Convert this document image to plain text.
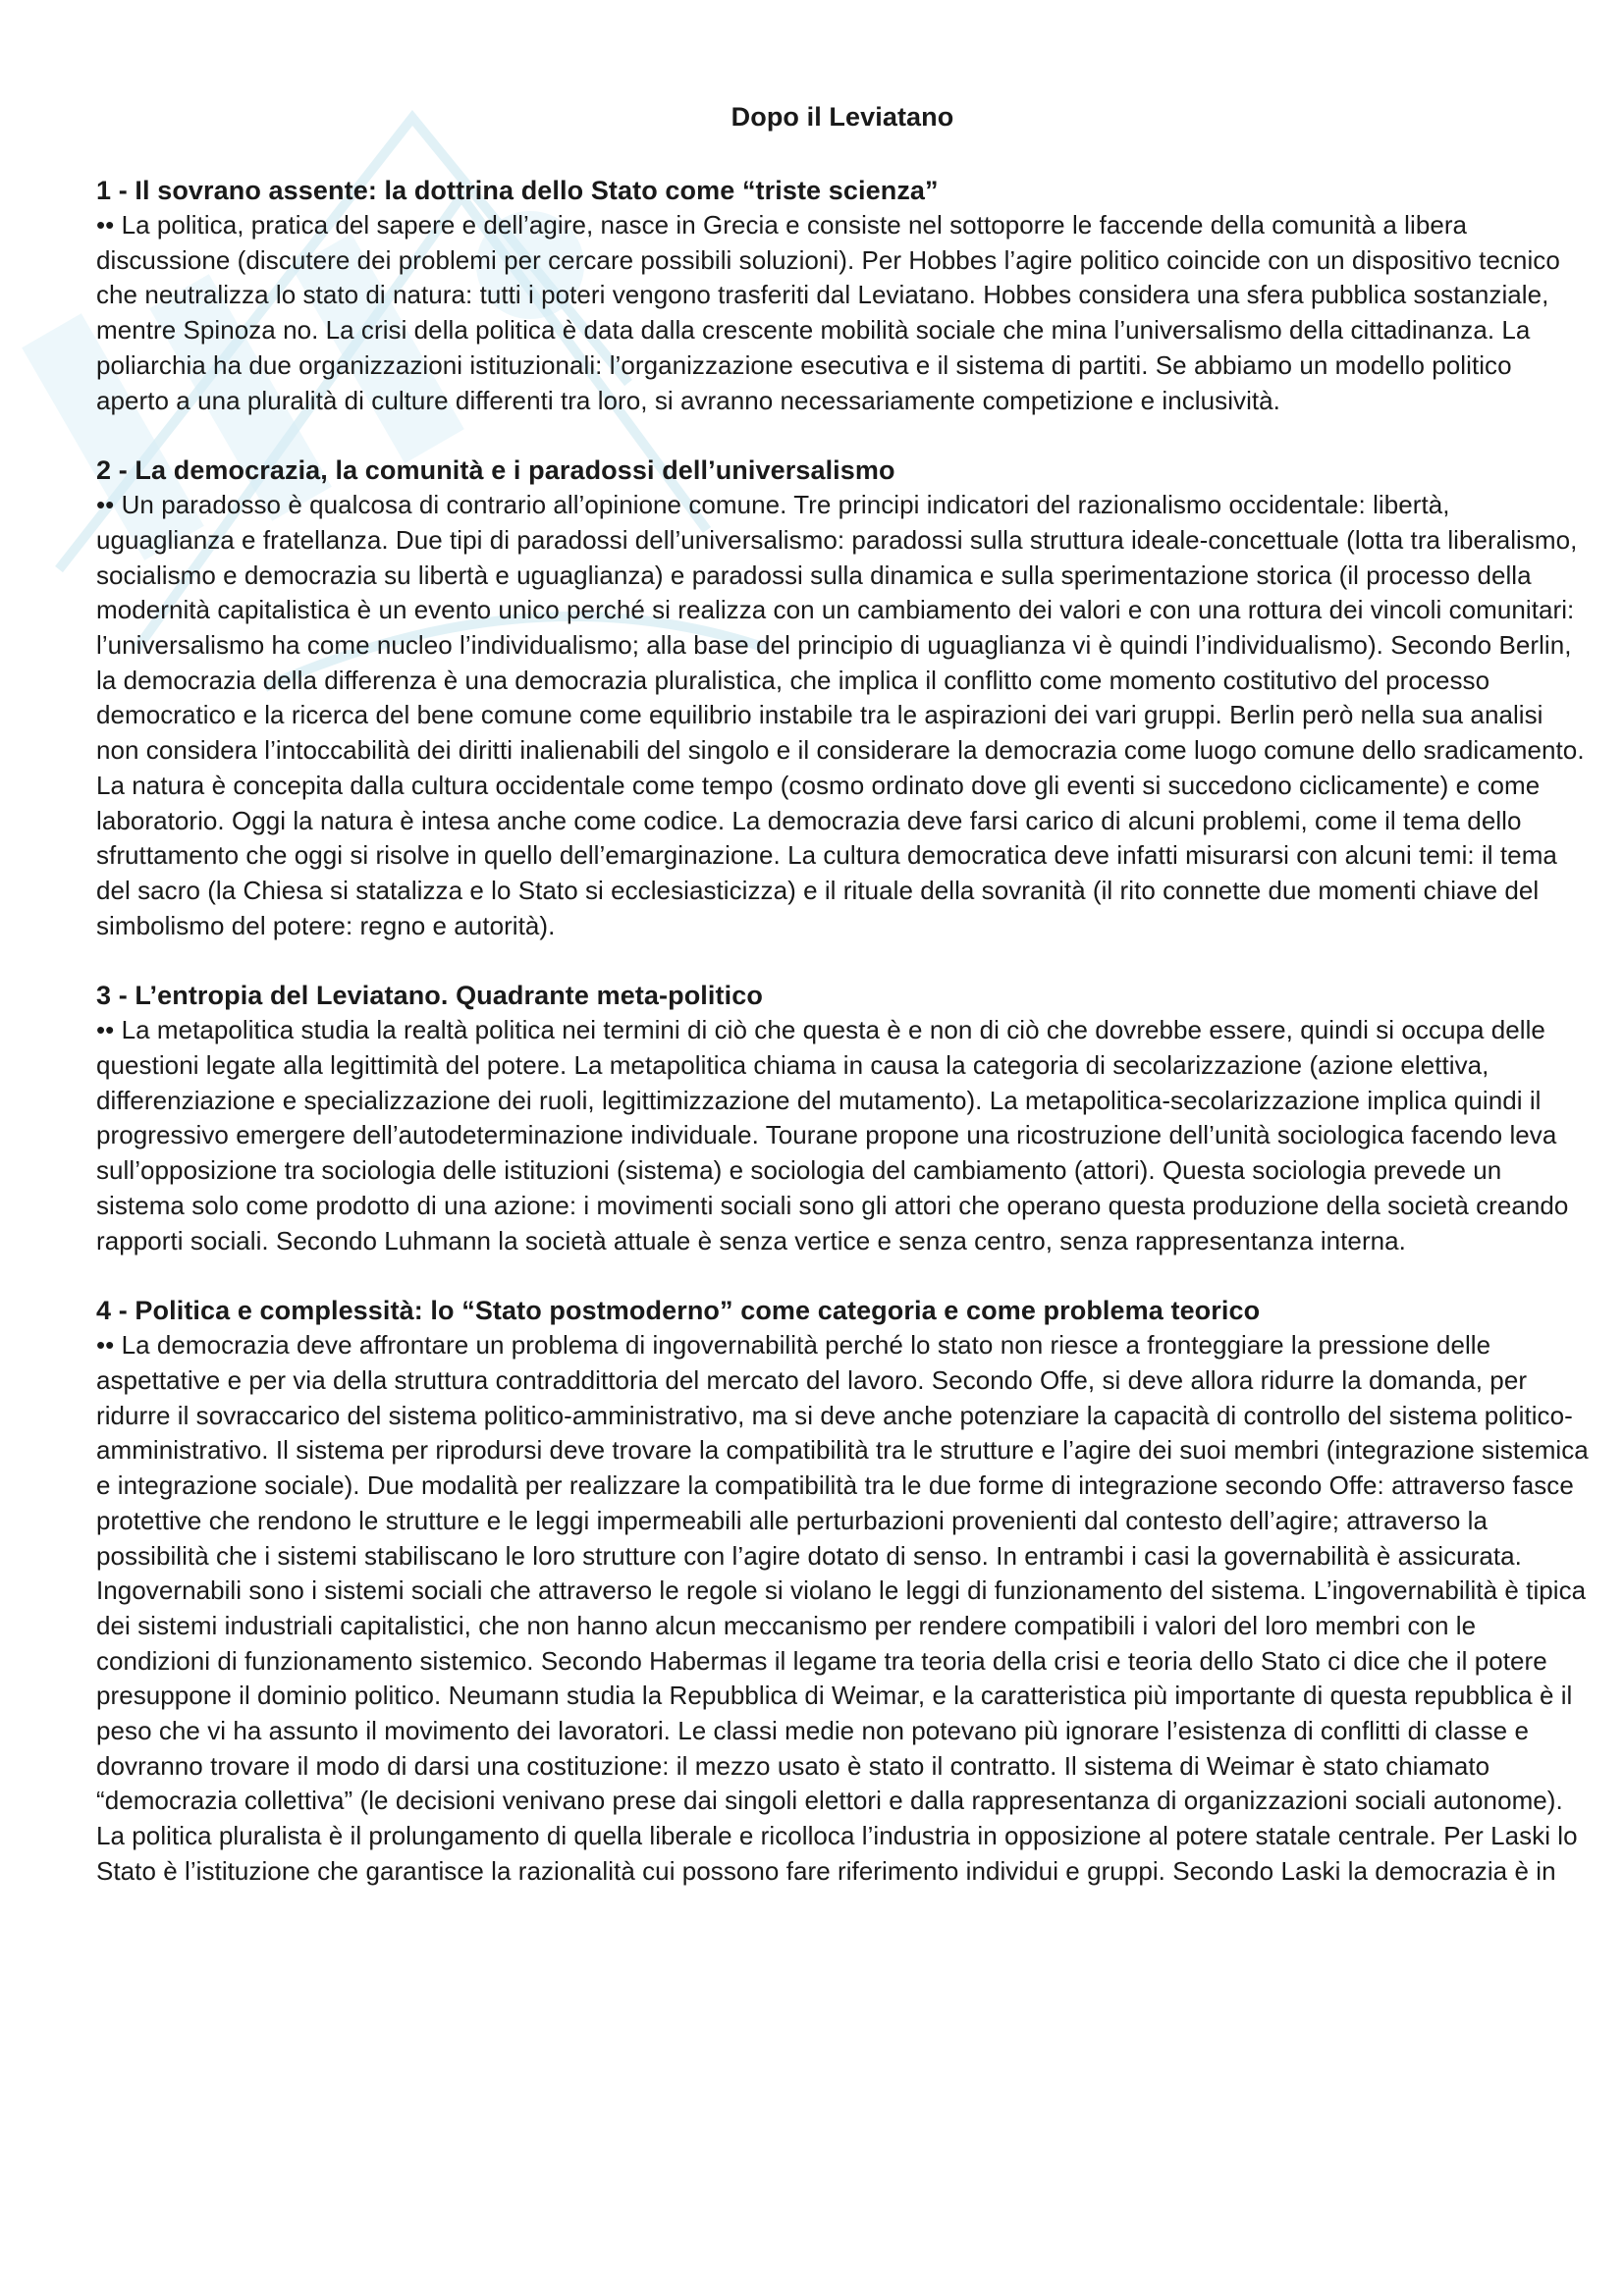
Dopo il Leviatano

1 - Il sovrano assente: la dottrina dello Stato come “triste scienza”

•• La politica, pratica del sapere e dell’agire, nasce in Grecia e consiste nel sottoporre le faccende della comunità a libera discussione (discutere dei problemi per cercare possibili soluzioni). Per Hobbes l’agire politico coincide con un dispositivo tecnico che neutralizza lo stato di natura: tutti i poteri vengono trasferiti dal Leviatano. Hobbes considera una sfera pubblica sostanziale, mentre Spinoza no. La crisi della politica è data dalla crescente mobilità sociale che mina l’universalismo della cittadinanza. La poliarchia ha due organizzazioni istituzionali: l’organizzazione esecutiva e il sistema di partiti. Se abbiamo un modello politico aperto a una pluralità di culture differenti tra loro, si avranno necessariamente competizione e inclusività.

2 - La democrazia, la comunità e i paradossi dell’universalismo

•• Un paradosso è qualcosa di contrario all’opinione comune. Tre principi indicatori del razionalismo occidentale: libertà, uguaglianza e fratellanza. Due tipi di paradossi dell’universalismo: paradossi sulla struttura ideale-concettuale (lotta tra liberalismo, socialismo e democrazia su libertà e uguaglianza) e paradossi sulla dinamica e sulla sperimentazione storica (il processo della modernità capitalistica è un evento unico perché si realizza con un cambiamento dei valori e con una rottura dei vincoli comunitari: l’universalismo ha come nucleo l’individualismo; alla base del principio di uguaglianza vi è quindi l’individualismo). Secondo Berlin, la democrazia della differenza è una democrazia pluralistica, che implica il conflitto come momento costitutivo del processo democratico e la ricerca del bene comune come equilibrio instabile tra le aspirazioni dei vari gruppi. Berlin però nella sua analisi non considera l’intoccabilità dei diritti inalienabili del singolo e il considerare la democrazia come luogo comune dello sradicamento. La natura è concepita dalla cultura occidentale come tempo (cosmo ordinato dove gli eventi si succedono ciclicamente) e come laboratorio. Oggi la natura è intesa anche come codice. La democrazia deve farsi carico di alcuni problemi, come il tema dello sfruttamento che oggi si risolve in quello dell’emarginazione. La cultura democratica deve infatti misurarsi con alcuni temi: il tema del sacro (la Chiesa si statalizza e lo Stato si ecclesiasticizza) e il rituale della sovranità (il rito connette due momenti chiave del simbolismo del potere: regno e autorità).

3 - L’entropia del Leviatano. Quadrante meta-politico

•• La metapolitica studia la realtà politica nei termini di ciò che questa è e non di ciò che dovrebbe essere, quindi si occupa delle questioni legate alla legittimità del potere. La metapolitica chiama in causa la categoria di secolarizzazione (azione elettiva, differenziazione e specializzazione dei ruoli, legittimizzazione del mutamento). La metapolitica-secolarizzazione implica quindi il progressivo emergere dell’autodeterminazione individuale. Tourane propone una ricostruzione dell’unità sociologica facendo leva sull’opposizione tra sociologia delle istituzioni (sistema) e sociologia del cambiamento (attori). Questa sociologia prevede un sistema solo come prodotto di una azione: i movimenti sociali sono gli attori che operano questa produzione della società creando rapporti sociali. Secondo Luhmann la società attuale è senza vertice e senza centro, senza rappresentanza interna.

4 - Politica e complessità: lo “Stato postmoderno” come categoria e come problema teorico

•• La democrazia deve affrontare un problema di ingovernabilità perché lo stato non riesce a fronteggiare la pressione delle aspettative e per via della struttura contraddittoria del mercato del lavoro. Secondo Offe, si deve allora ridurre la domanda, per ridurre il sovraccarico del sistema politico-amministrativo, ma si deve anche potenziare la capacità di controllo del sistema politico-amministrativo. Il sistema per riprodursi deve trovare la compatibilità tra le strutture e l’agire dei suoi membri (integrazione sistemica e integrazione sociale). Due modalità per realizzare la compatibilità tra le due forme di integrazione secondo Offe: attraverso fasce protettive che rendono le strutture e le leggi impermeabili alle perturbazioni provenienti dal contesto dell’agire; attraverso la possibilità che i sistemi stabiliscano le loro strutture con l’agire dotato di senso. In entrambi i casi la governabilità è assicurata. Ingovernabili sono i sistemi sociali che attraverso le regole si violano le leggi di funzionamento del sistema. L’ingovernabilità è tipica dei sistemi industriali capitalistici, che non hanno alcun meccanismo per rendere compatibili i valori del loro membri con le condizioni di funzionamento sistemico. Secondo Habermas il legame tra teoria della crisi e teoria dello Stato ci dice che il potere presuppone il dominio politico. Neumann studia la Repubblica di Weimar, e la caratteristica più importante di questa repubblica è il peso che vi ha assunto il movimento dei lavoratori. Le classi medie non potevano più ignorare l’esistenza di conflitti di classe e dovranno trovare il modo di darsi una costituzione: il mezzo usato è stato il contratto. Il sistema di Weimar è stato chiamato “democrazia collettiva” (le decisioni venivano prese dai singoli elettori e dalla rappresentanza di organizzazioni sociali autonome). La politica pluralista è il prolungamento di quella liberale e ricolloca l’industria in opposizione al potere statale centrale. Per Laski lo Stato è l’istituzione che garantisce la razionalità cui possono fare riferimento individui e gruppi. Secondo Laski la democrazia è in
